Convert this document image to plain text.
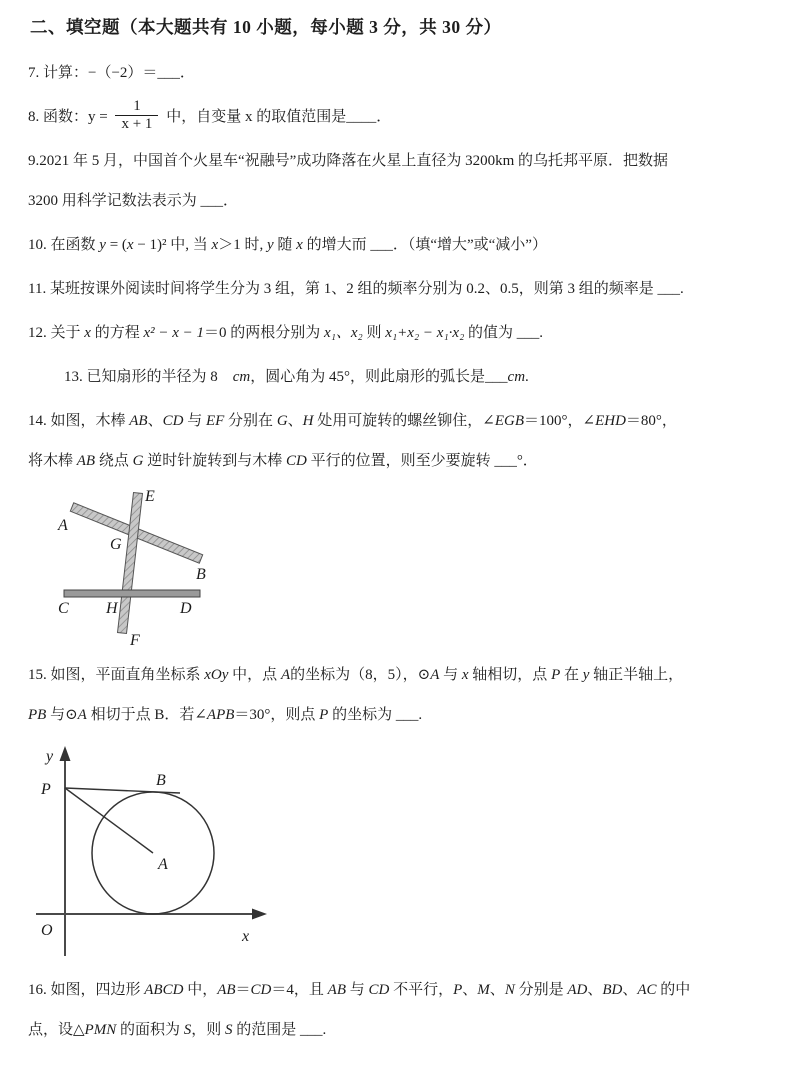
二、填空题（本大题共有 10 小题，每小题 3 分，共 30 分）
7. 计算：−（−2）＝___．
8. 函数：$y = \frac{1}{x + 1}$ 中，自变量 x 的取值范围是____．
9.2021 年 5 月，中国首个火星车“祝融号”成功降落在火星上直径为 3200km 的乌托邦平原．把数据
3200 用科学记数法表示为 ___．
10. 在函数 y = (x − 1)² 中, 当 x＞1 时, y 随 x 的增大而 ___．（填“增大”或“减小”）
11. 某班按课外阅读时间将学生分为 3 组，第 1、2 组的频率分别为 0.2、0.5，则第 3 组的频率是 ___.
12. 关于 x 的方程 x² − x − 1＝0 的两根分别为 x₁、x₂ 则 x₁+x₂ − x₁·x₂ 的值为 ___.
13. 已知扇形的半径为 8　cm，圆心角为 45°，则此扇形的弧长是___cm.
14. 如图，木棒 AB、CD 与 EF 分别在 G、H 处用可旋转的螺丝铆住，∠EGB＝100°，∠EHD＝80°，
将木棒 AB 绕点 G 逆时针旋转到与木棒 CD 平行的位置，则至少要旋转 ___°．
E
A
G
B
C H	D
F
15. 如图，平面直角坐标系 xOy 中，点 A的坐标为（8，5），⊙A 与 x 轴相切，点 P 在 y 轴正半轴上，
PB 与⊙A 相切于点 B．若∠APB＝30°，则点 P 的坐标为 ___.
y
P
B
A
O	x
16. 如图，四边形 ABCD 中，AB＝CD＝4，且 AB 与 CD 不平行，P、M、N 分别是 AD、BD、AC 的中
点，设△PMN 的面积为 S，则 S 的范围是 ___.
